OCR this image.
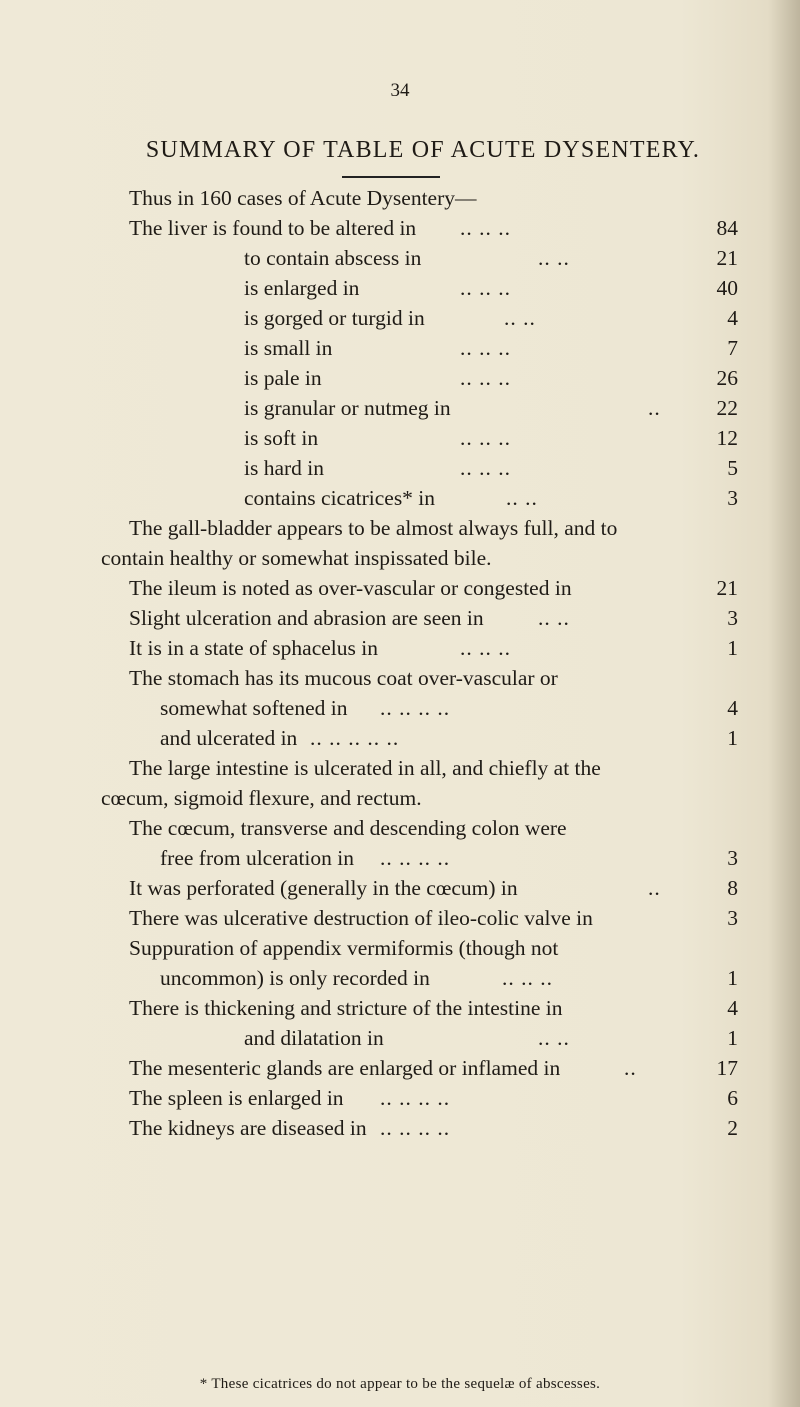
34
SUMMARY OF TABLE OF ACUTE DYSENTERY.
Thus in 160 cases of Acute Dysentery—
The liver is found to be altered in .. .. ..	84
to contain abscess in	.. ..	21
is enlarged in	.. .. ..	40
is gorged or turgid in	.. ..	4
is small in	.. .. ..	7
is pale in	.. .. ..	26
is granular or nutmeg in	..	22
is soft in	.. .. ..	12
is hard in	.. .. ..	5
contains cicatrices* in	.. ..	3
The gall-bladder appears to be almost always full, and to
contain healthy or somewhat inspissated bile.
The ileum is noted as over-vascular or congested in	21
Slight ulceration and abrasion are seen in	.. ..	3
It is in a state of sphacelus in	.. .. ..	1
The stomach has its mucous coat over-vascular or
somewhat softened in .. .. .. ..	4
and ulcerated in .. .. .. .. ..	1
The large intestine is ulcerated in all, and chiefly at the
cœcum, sigmoid flexure, and rectum.
The cœcum, transverse and descending colon were
free from ulceration in .. .. .. ..	3
It was perforated (generally in the cœcum) in	..	8
There was ulcerative destruction of ileo-colic valve in	3
Suppuration of appendix vermiformis (though not
uncommon) is only recorded in	.. .. ..	1
There is thickening and stricture of the intestine in	4
and dilatation in	.. ..	1
The mesenteric glands are enlarged or inflamed in	..	17
The spleen is enlarged in .. .. .. ..	6
The kidneys are diseased in .. .. .. ..	2
* These cicatrices do not appear to be the sequelæ of abscesses.
